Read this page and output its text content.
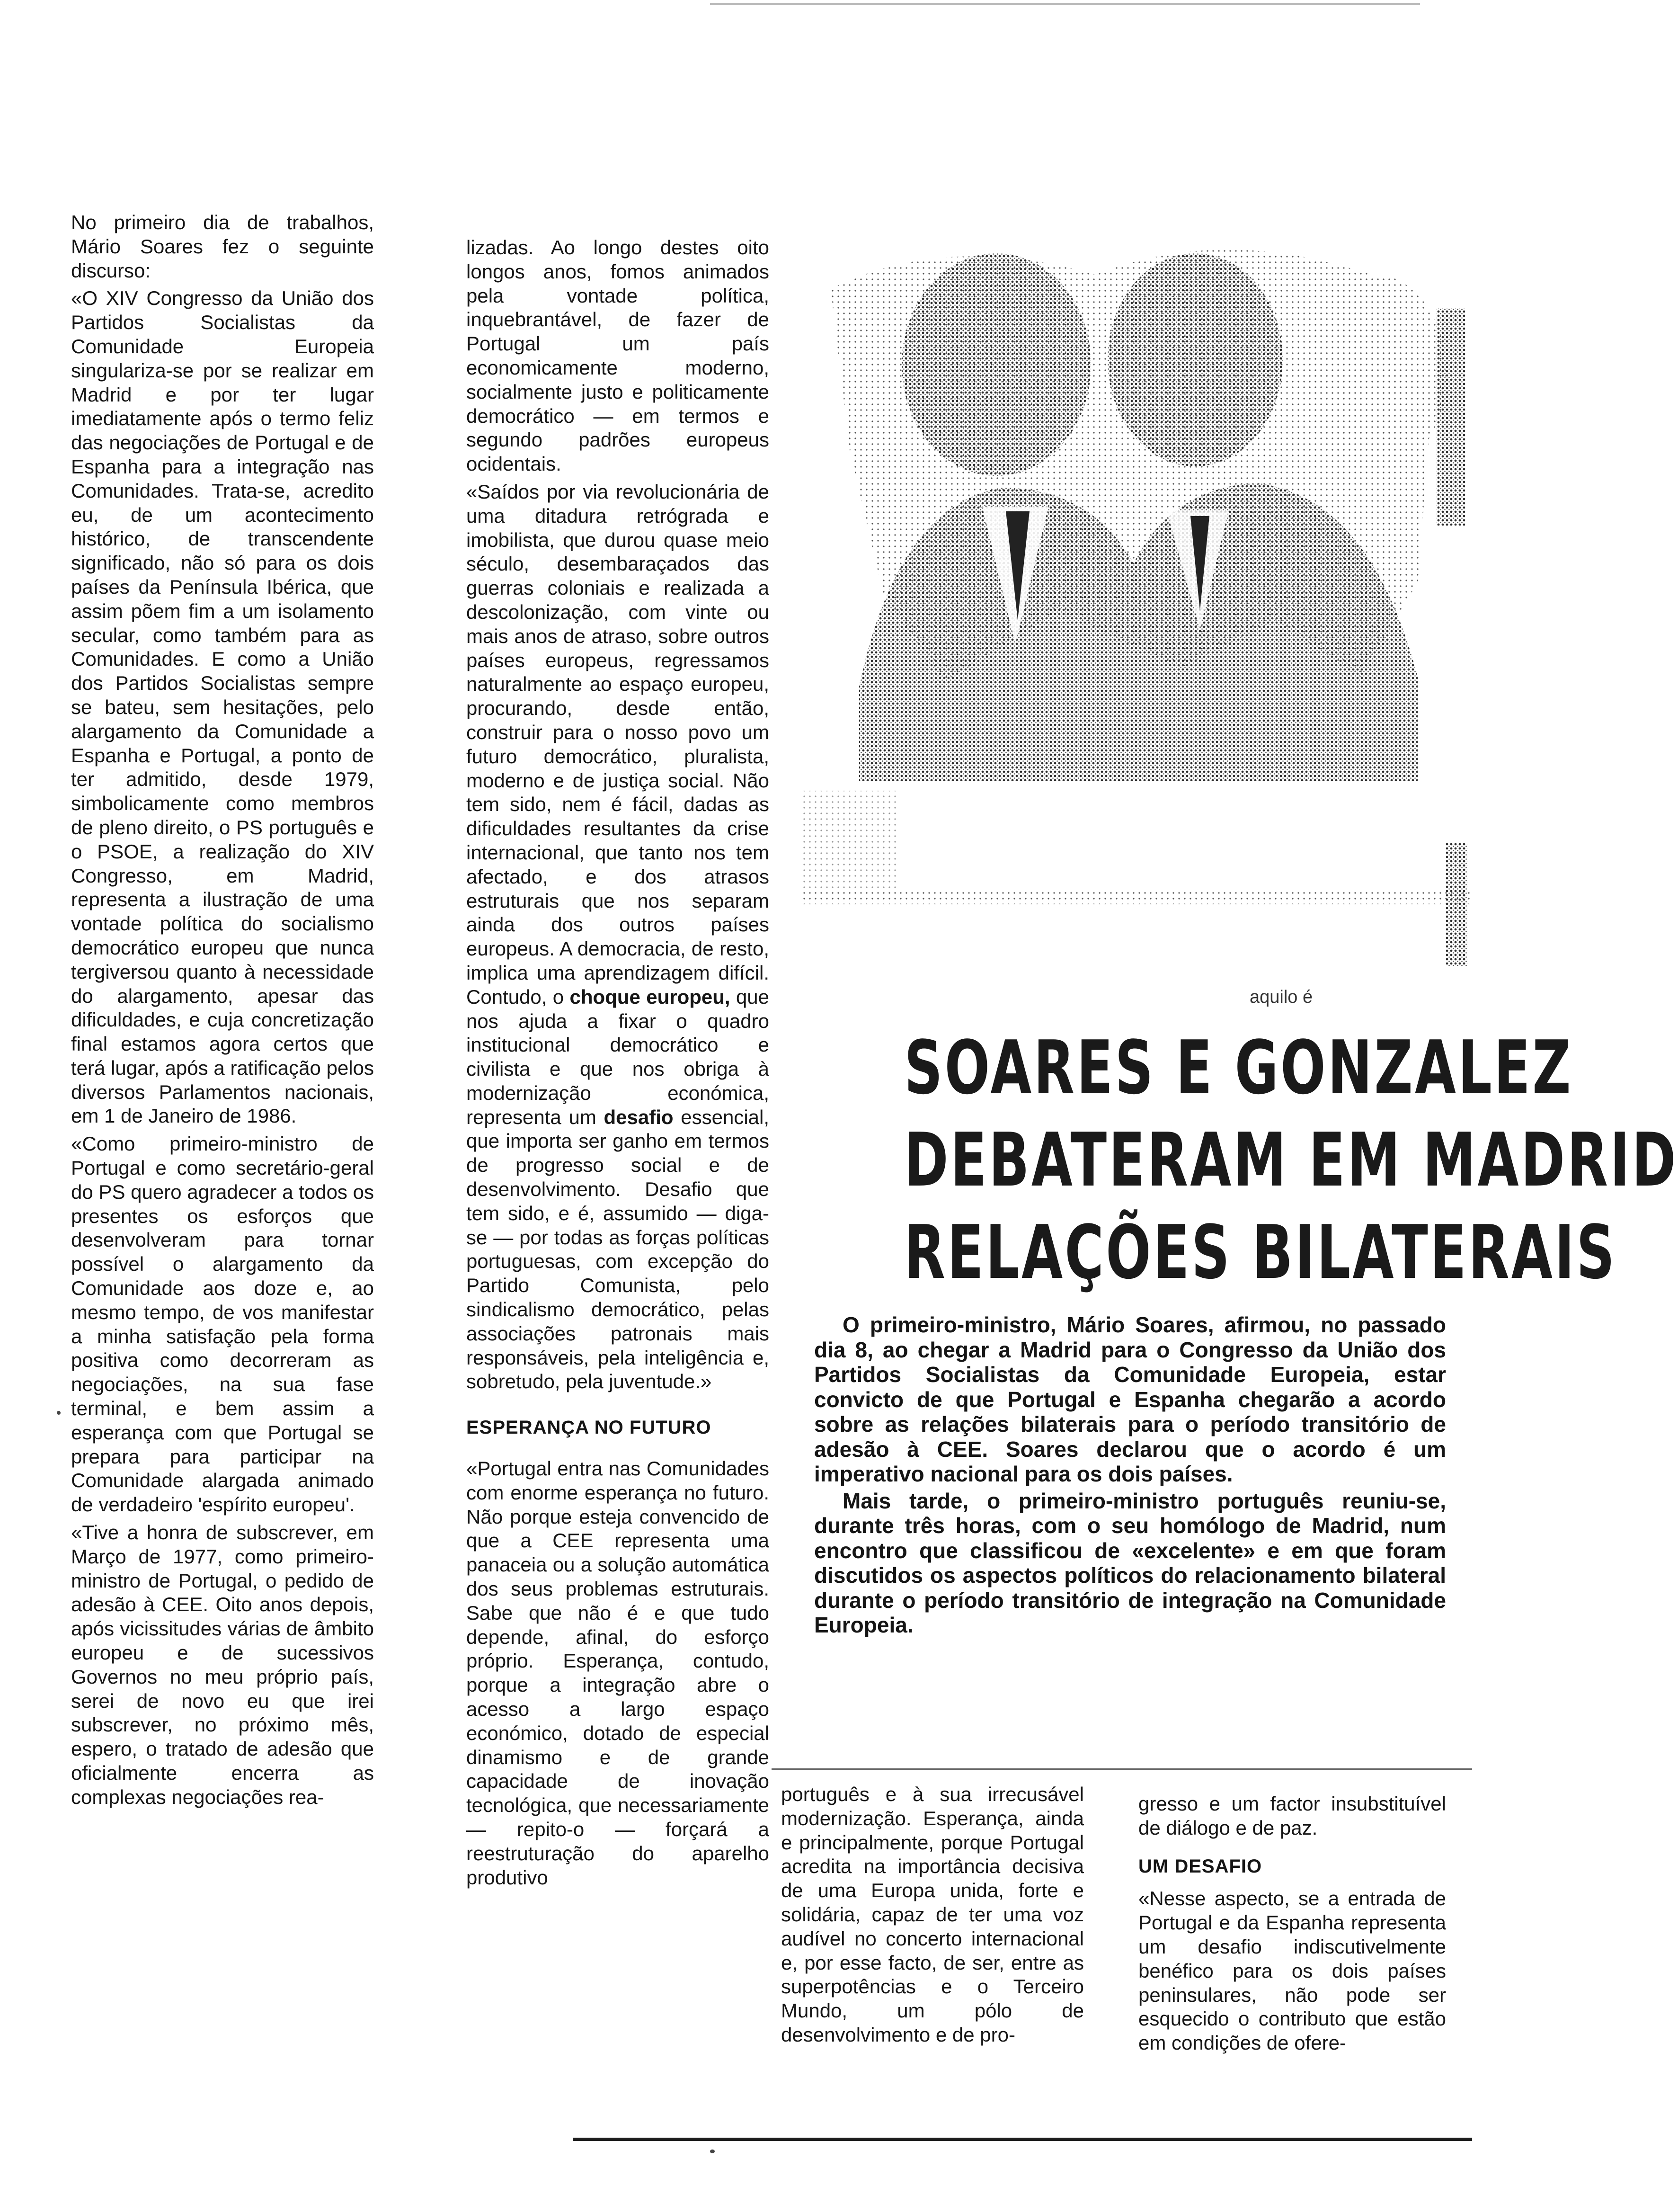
No primeiro dia de trabalhos, Mário Soares fez o seguinte discurso:

«O XIV Congresso da União dos Partidos Socialistas da Comunidade Europeia singulariza-se por se realizar em Madrid e por ter lugar imediatamente após o termo feliz das negociações de Portugal e de Espanha para a integração nas Comunidades. Trata-se, acredito eu, de um acontecimento histórico, de transcendente significado, não só para os dois países da Península Ibérica, que assim põem fim a um isolamento secular, como também para as Comunidades. E como a União dos Partidos Socialistas sempre se bateu, sem hesitações, pelo alargamento da Comunidade a Espanha e Portugal, a ponto de ter admitido, desde 1979, simbolicamente como membros de pleno direito, o PS português e o PSOE, a realização do XIV Congresso, em Madrid, representa a ilustração de uma vontade política do socialismo democrático europeu que nunca tergiversou quanto à necessidade do alargamento, apesar das dificuldades, e cuja concretização final estamos agora certos que terá lugar, após a ratificação pelos diversos Parlamentos nacionais, em 1 de Janeiro de 1986.

«Como primeiro-ministro de Portugal e como secretário-geral do PS quero agradecer a todos os presentes os esforços que desenvolveram para tornar possível o alargamento da Comunidade aos doze e, ao mesmo tempo, de vos manifestar a minha satisfação pela forma positiva como decorreram as negociações, na sua fase terminal, e bem assim a esperança com que Portugal se prepara para participar na Comunidade alargada animado de verdadeiro 'espírito europeu'.

«Tive a honra de subscrever, em Março de 1977, como primeiro-ministro de Portugal, o pedido de adesão à CEE. Oito anos depois, após vicissitudes várias de âmbito europeu e de sucessivos Governos no meu próprio país, serei de novo eu que irei subscrever, no próximo mês, espero, o tratado de adesão que oficialmente encerra as complexas negociações rea-

lizadas. Ao longo destes oito longos anos, fomos animados pela vontade política, inquebrantável, de fazer de Portugal um país economicamente moderno, socialmente justo e politicamente democrático — em termos e segundo padrões europeus ocidentais.

«Saídos por via revolucionária de uma ditadura retrógrada e imobilista, que durou quase meio século, desembaraçados das guerras coloniais e realizada a descolonização, com vinte ou mais anos de atraso, sobre outros países europeus, regressamos naturalmente ao espaço europeu, procurando, desde então, construir para o nosso povo um futuro democrático, pluralista, moderno e de justiça social. Não tem sido, nem é fácil, dadas as dificuldades resultantes da crise internacional, que tanto nos tem afectado, e dos atrasos estruturais que nos separam ainda dos outros países europeus. A democracia, de resto, implica uma aprendizagem difícil. Contudo, o choque europeu, que nos ajuda a fixar o quadro institucional democrático e civilista e que nos obriga à modernização económica, representa um desafio essencial, que importa ser ganho em termos de progresso social e de desenvolvimento. Desafio que tem sido, e é, assumido — diga-se — por todas as forças políticas portuguesas, com excepção do Partido Comunista, pelo sindicalismo democrático, pelas associações patronais mais responsáveis, pela inteligência e, sobretudo, pela juventude.»

ESPERANÇA NO FUTURO

«Portugal entra nas Comunidades com enorme esperança no futuro. Não porque esteja convencido de que a CEE representa uma panaceia ou a solução automática dos seus problemas estruturais. Sabe que não é e que tudo depende, afinal, do esforço próprio. Esperança, contudo, porque a integração abre o acesso a largo espaço económico, dotado de especial dinamismo e de grande capacidade de inovação tecnológica, que necessariamente — repito-o — forçará a reestruturação do aparelho produtivo

aquilo é
SOARES E GONZALEZ
DEBATERAM EM MADRID
RELAÇÕES BILATERAIS

O primeiro-ministro, Mário Soares, afirmou, no passado dia 8, ao chegar a Madrid para o Congresso da União dos Partidos Socialistas da Comunidade Europeia, estar convicto de que Portugal e Espanha chegarão a acordo sobre as relações bilaterais para o período transitório de adesão à CEE. Soares declarou que o acordo é um imperativo nacional para os dois países.

Mais tarde, o primeiro-ministro português reuniu-se, durante três horas, com o seu homólogo de Madrid, num encontro que classificou de «excelente» e em que foram discutidos os aspectos políticos do relacionamento bilateral durante o período transitório de integração na Comunidade Europeia.

português e à sua irrecusável modernização. Esperança, ainda e principalmente, porque Portugal acredita na importância decisiva de uma Europa unida, forte e solidária, capaz de ter uma voz audível no concerto internacional e, por esse facto, de ser, entre as superpotências e o Terceiro Mundo, um pólo de desenvolvimento e de pro-

gresso e um factor insubstituível de diálogo e de paz.

UM DESAFIO

«Nesse aspecto, se a entrada de Portugal e da Espanha representa um desafio indiscutivelmente benéfico para os dois países peninsulares, não pode ser esquecido o contributo que estão em condições de ofere-
